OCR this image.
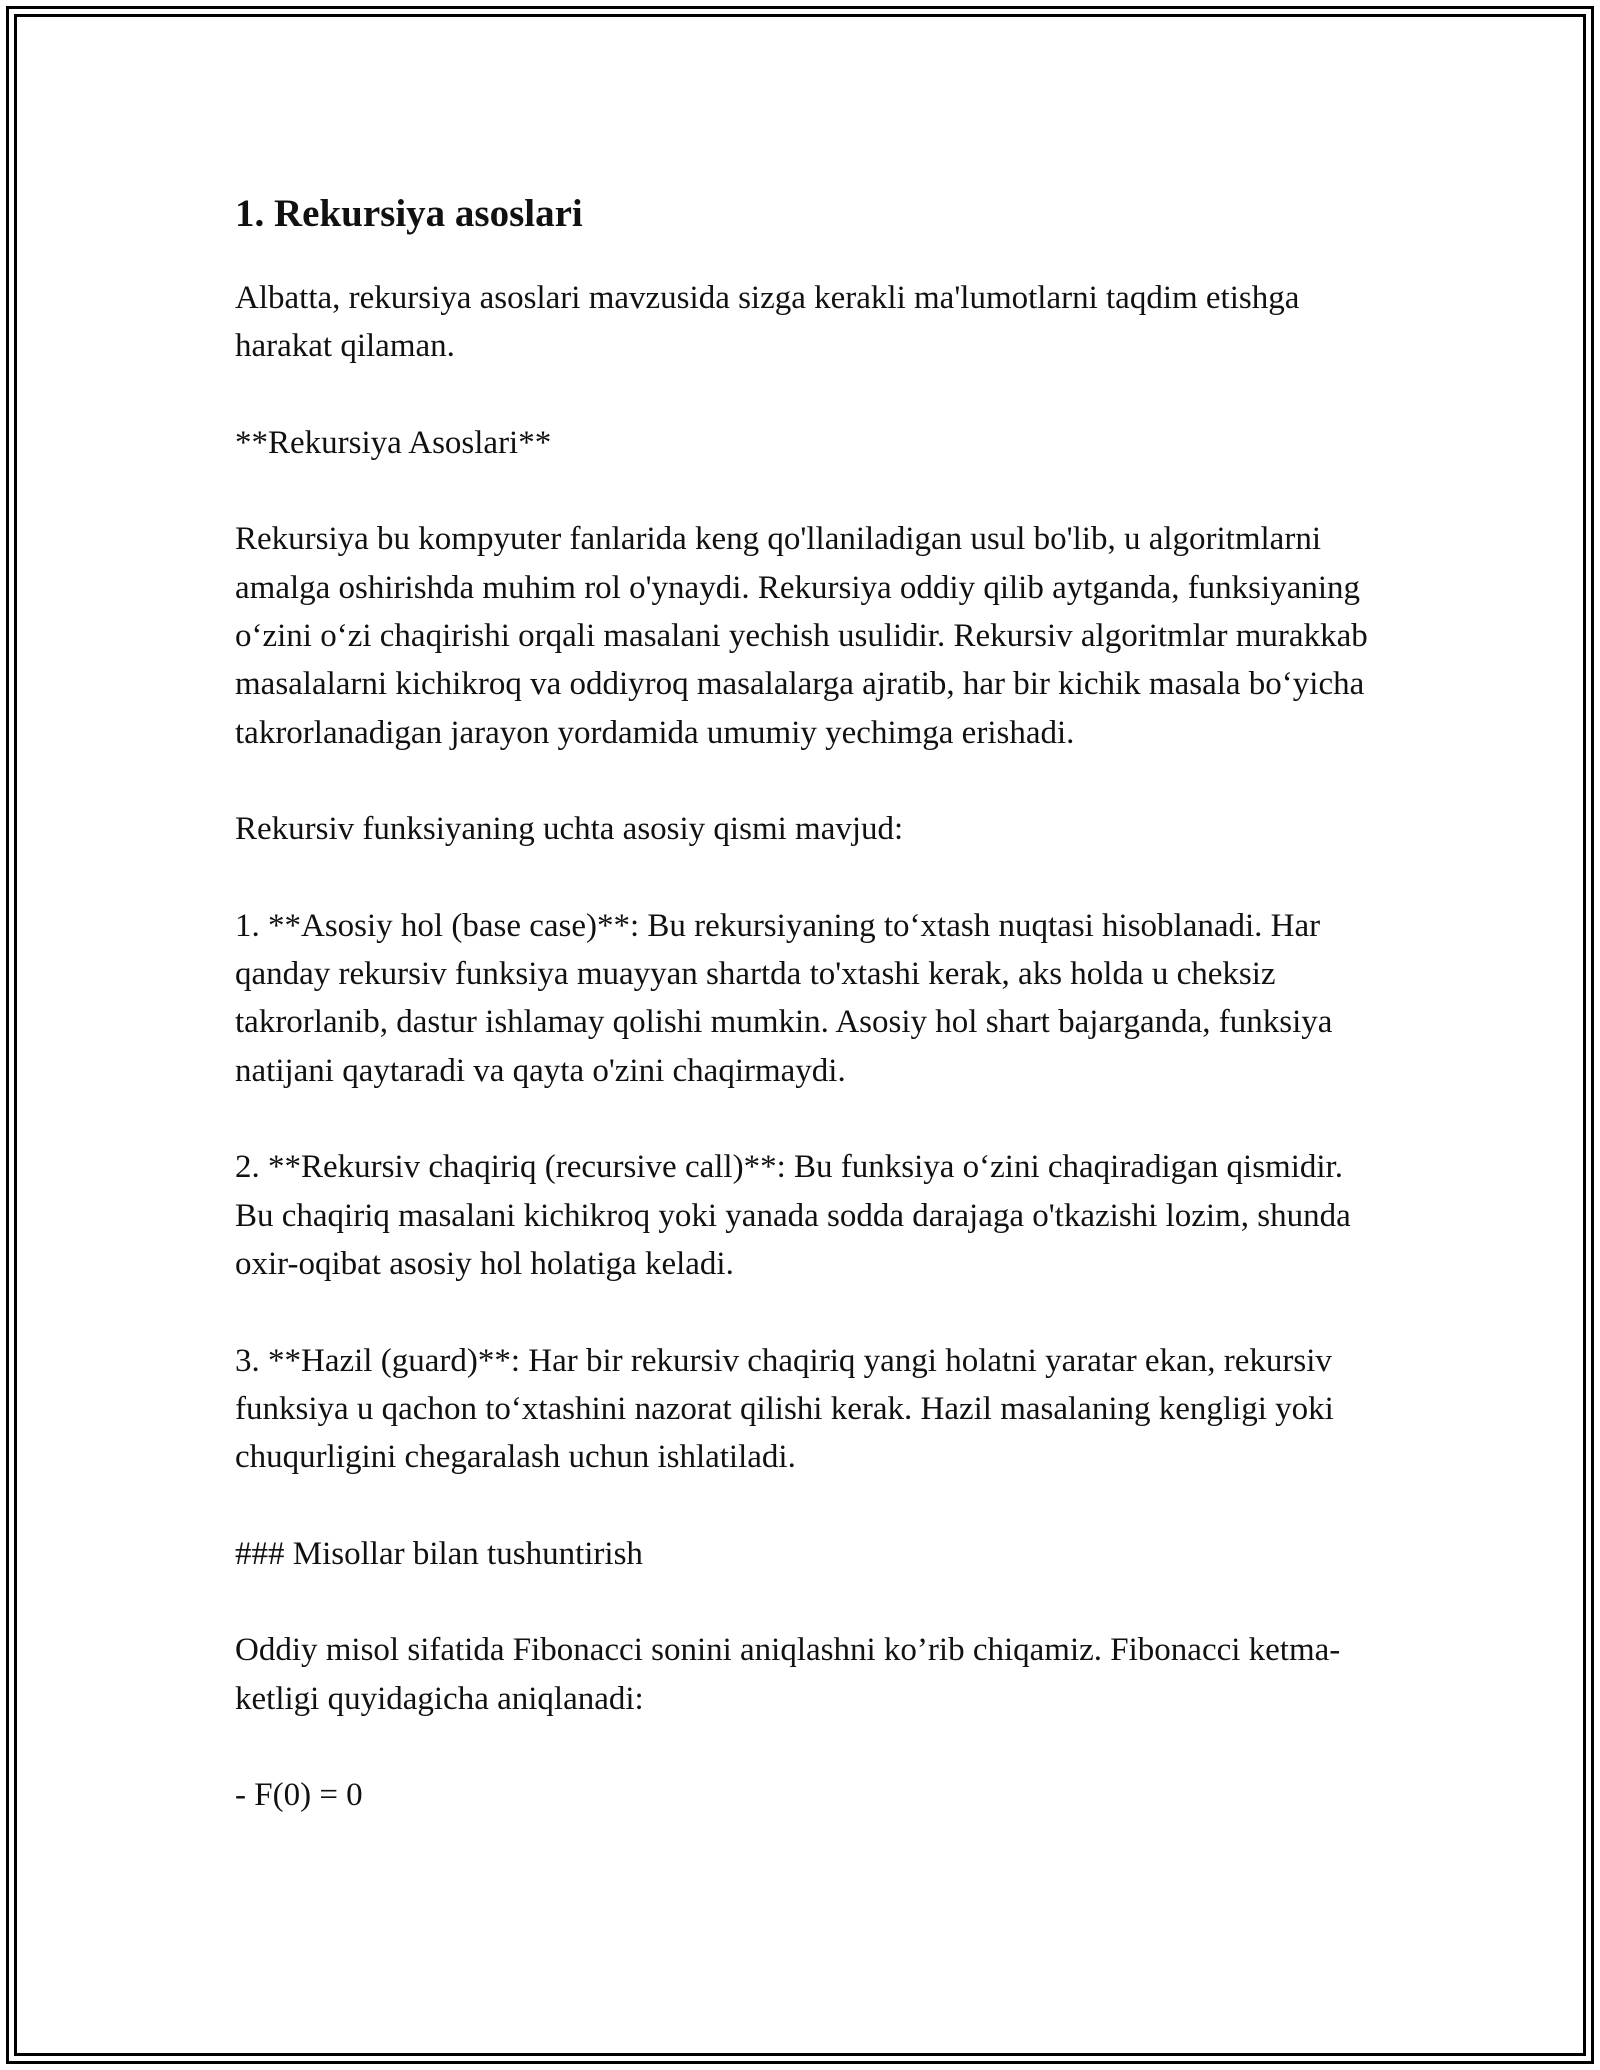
1. Rekursiya asoslari

Albatta, rekursiya asoslari mavzusida sizga kerakli ma'lumotlarni taqdim etishga harakat qilaman.

**Rekursiya Asoslari**

Rekursiya bu kompyuter fanlarida keng qo'llaniladigan usul bo'lib, u algoritmlarni amalga oshirishda muhim rol o'ynaydi. Rekursiya oddiy qilib aytganda, funksiyaning o‘zini o‘zi chaqirishi orqali masalani yechish usulidir. Rekursiv algoritmlar murakkab masalalarni kichikroq va oddiyroq masalalarga ajratib, har bir kichik masala bo‘yicha takrorlanadigan jarayon yordamida umumiy yechimga erishadi.

Rekursiv funksiyaning uchta asosiy qismi mavjud:

1. **Asosiy hol (base case)**: Bu rekursiyaning to‘xtash nuqtasi hisoblanadi. Har qanday rekursiv funksiya muayyan shartda to'xtashi kerak, aks holda u cheksiz takrorlanib, dastur ishlamay qolishi mumkin. Asosiy hol shart bajarganda, funksiya natijani qaytaradi va qayta o'zini chaqirmaydi.

2. **Rekursiv chaqiriq (recursive call)**: Bu funksiya o‘zini chaqiradigan qismidir. Bu chaqiriq masalani kichikroq yoki yanada sodda darajaga o'tkazishi lozim, shunda oxir-oqibat asosiy hol holatiga keladi.

3. **Hazil (guard)**: Har bir rekursiv chaqiriq yangi holatni yaratar ekan, rekursiv funksiya u qachon to‘xtashini nazorat qilishi kerak. Hazil masalaning kengligi yoki chuqurligini chegaralash uchun ishlatiladi.

### Misollar bilan tushuntirish

Oddiy misol sifatida Fibonacci sonini aniqlashni ko’rib chiqamiz. Fibonacci ketma-ketligi quyidagicha aniqlanadi:

- F(0) = 0
